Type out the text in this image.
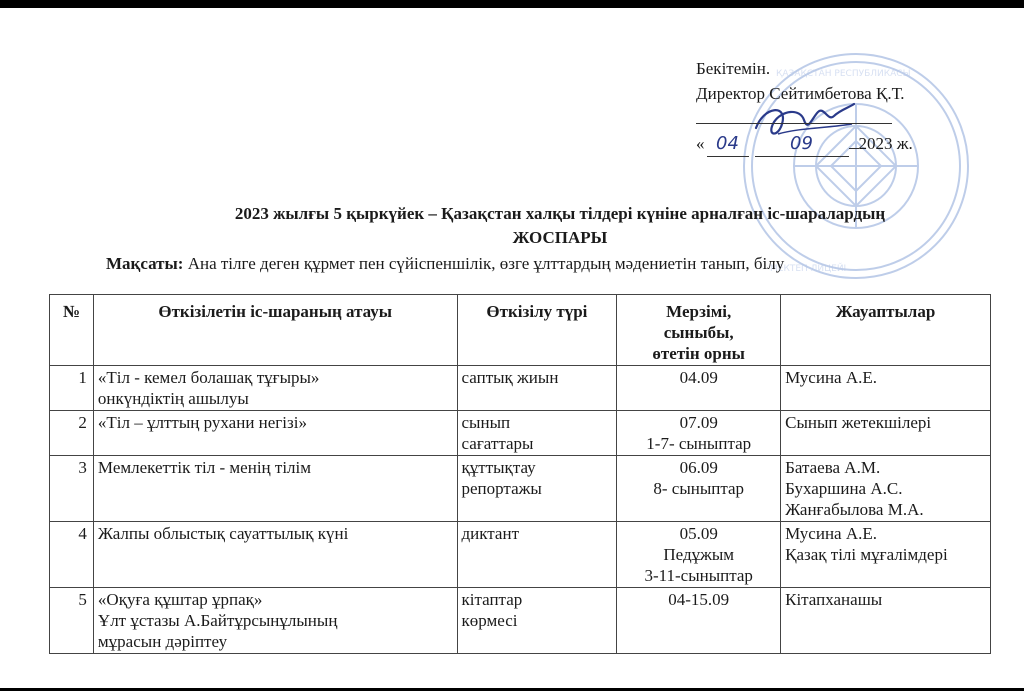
ҚАЗАҚСТАН РЕСПУБЛИКАСЫ
МЕКТЕП ЛИЦЕЙІ
Бекітемін.
Директор Сейтимбетова Қ.Т.
« 04	09	2023 ж.
2023 жылғы 5 қыркүйек – Қазақстан халқы тілдері күніне арналған іс-шаралардың
ЖОСПАРЫ
Мақсаты: Ана тілге деген құрмет пен сүйіспеншілік, өзге ұлттардың мәдениетін танып, білу
№	Өткізілетін іс-шараның атауы	Өткізілу түрі	Мерзімі,
сыныбы,
өтетін орны	Жауаптылар
1	«Тіл - кемел болашақ тұғыры»
онкүндіктің ашылуы	саптық жиын	04.09	Мусина А.Е.

2	«Тіл – ұлттың рухани негізі»	сынып
сағаттары	07.09
1-7- сыныптар	Сынып жетекшілері

3	Мемлекеттік тіл - менің тілім	құттықтау
репортажы	06.09
8- сыныптар	Батаева А.М.
Бухаршина А.С.
Жанғабылова М.А.

4	Жалпы облыстық сауаттылық күні	диктант	05.09
Педұжым
3-11-сыныптар	Мусина А.Е.
Қазақ тілі мұғалімдері

5	«Оқуға құштар ұрпақ»
Ұлт ұстазы А.Байтұрсынұлының
мұрасын дәріптеу	кітаптар
көрмесі	04-15.09	Кітапханашы
